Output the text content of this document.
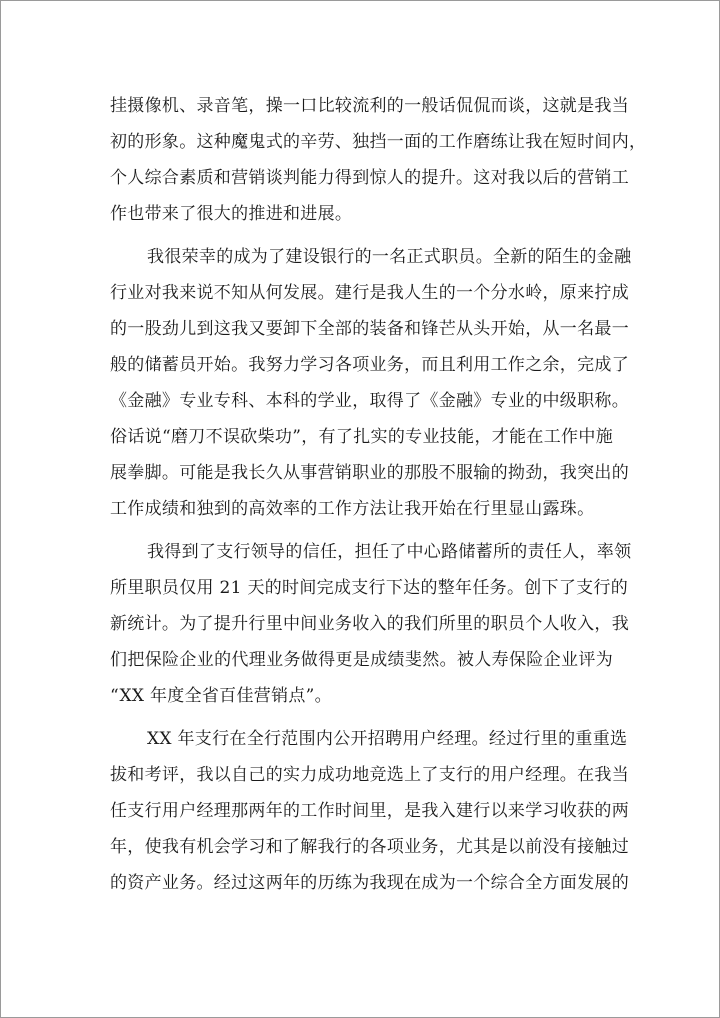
挂摄像机、录音笔，操一口比较流利的一般话侃侃而谈，这就是我当
初的形象。这种魔鬼式的辛劳、独挡一面的工作磨练让我在短时间内，
个人综合素质和营销谈判能力得到惊人的提升。这对我以后的营销工
作也带来了很大的推进和进展。
我很荣幸的成为了建设银行的一名正式职员。全新的陌生的金融
行业对我来说不知从何发展。建行是我人生的一个分水岭，原来拧成
的一股劲儿到这我又要卸下全部的装备和锋芒从头开始，从一名最一
般的储蓄员开始。我努力学习各项业务，而且利用工作之余，完成了
《金融》专业专科、本科的学业，取得了《金融》专业的中级职称。
俗话说“磨刀不误砍柴功”，有了扎实的专业技能，才能在工作中施
展拳脚。可能是我长久从事营销职业的那股不服输的拗劲，我突出的
工作成绩和独到的高效率的工作方法让我开始在行里显山露珠。
我得到了支行领导的信任，担任了中心路储蓄所的责任人，率领
所里职员仅用 21 天的时间完成支行下达的整年任务。创下了支行的
新统计。为了提升行里中间业务收入的我们所里的职员个人收入，我
们把保险企业的代理业务做得更是成绩斐然。被人寿保险企业评为
“XX 年度全省百佳营销点”。
XX 年支行在全行范围内公开招聘用户经理。经过行里的重重选
拔和考评，我以自己的实力成功地竞选上了支行的用户经理。在我当
任支行用户经理那两年的工作时间里，是我入建行以来学习收获的两
年，使我有机会学习和了解我行的各项业务，尤其是以前没有接触过
的资产业务。经过这两年的历练为我现在成为一个综合全方面发展的
